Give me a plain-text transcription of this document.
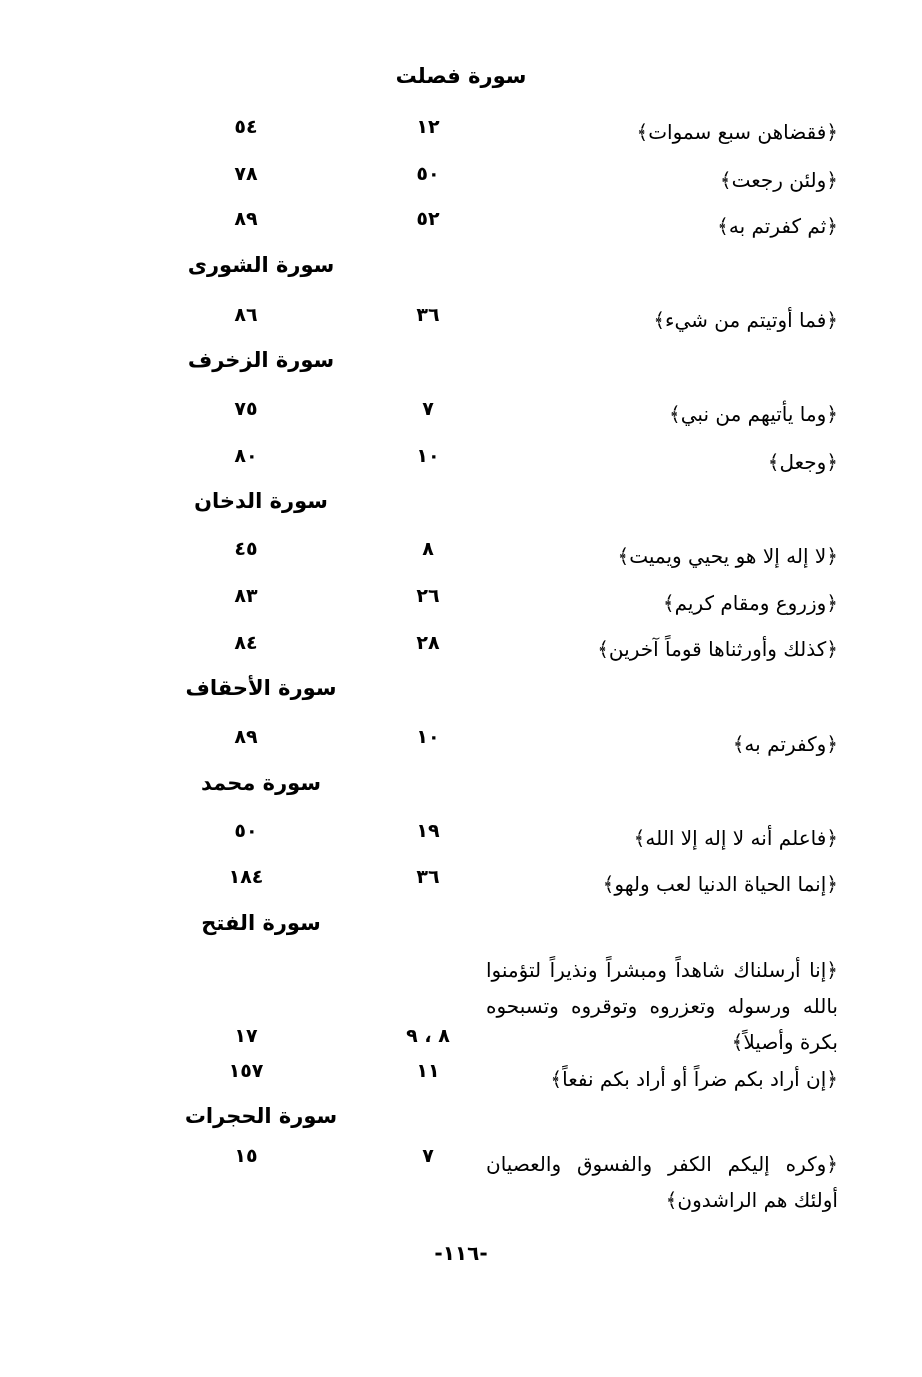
سورة فصلت
﴿فقضاهن سبع سموات﴾
١٢
٥٤
﴿ولئن رجعت﴾
٥٠
٧٨
﴿ثم كفرتم به﴾
٥٢
٨٩
سورة الشورى
﴿فما أوتيتم من شيء﴾
٣٦
٨٦
سورة الزخرف
﴿وما يأتيهم من نبي﴾
٧
٧٥
﴿وجعل﴾
١٠
٨٠
سورة الدخان
﴿لا إله إلا هو يحيي ويميت﴾
٨
٤٥
﴿وزروع ومقام كريم﴾
٢٦
٨٣
﴿كذلك وأورثناها قوماً آخرين﴾
٢٨
٨٤
سورة الأحقاف
﴿وكفرتم به﴾
١٠
٨٩
سورة محمد
﴿فاعلم أنه لا إله إلا الله﴾
١٩
٥٠
﴿إنما الحياة الدنيا لعب ولهو﴾
٣٦
١٨٤
سورة الفتح
﴿إنا أرسلناك شاهداً ومبشراً ونذيراً لتؤمنوا بالله ورسوله وتعزروه وتوقروه وتسبحوه بكرة وأصيلاً﴾
٨ ، ٩
١٧
﴿إن أراد بكم ضراً أو أراد بكم نفعاً﴾
١١
١٥٧
سورة الحجرات
﴿وكره إليكم الكفر والفسوق والعصيان أولئك هم الراشدون﴾
٧
١٥
-١١٦-
